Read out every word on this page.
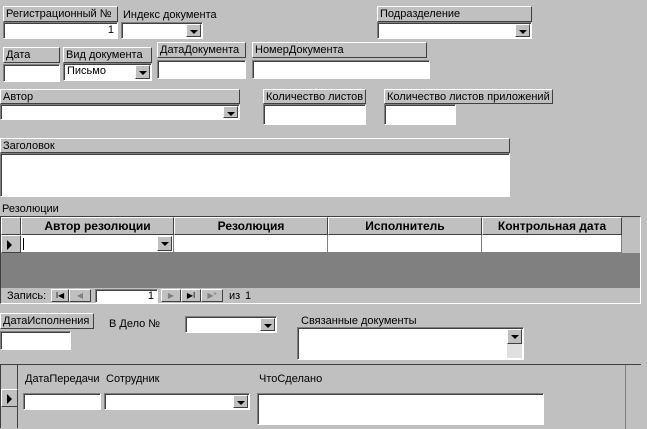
Регистрационный №
1
Индекс документа	Подразделение
Дата	Вид документа
Письмо
ДатаДокумента	НомерДокумента
Автор	Количество листов Количество листов приложений
Заголовок
Резолюции
Автор резолюции	Резолюция	Исполнитель	Контрольная дата
Запись:	I◀	◀	1	▶	▶I	▶*	из 1
ДатаИсполнения	В Дело №	Связанные документы
ДатаПередачи Сотрудник	ЧтоСделано
